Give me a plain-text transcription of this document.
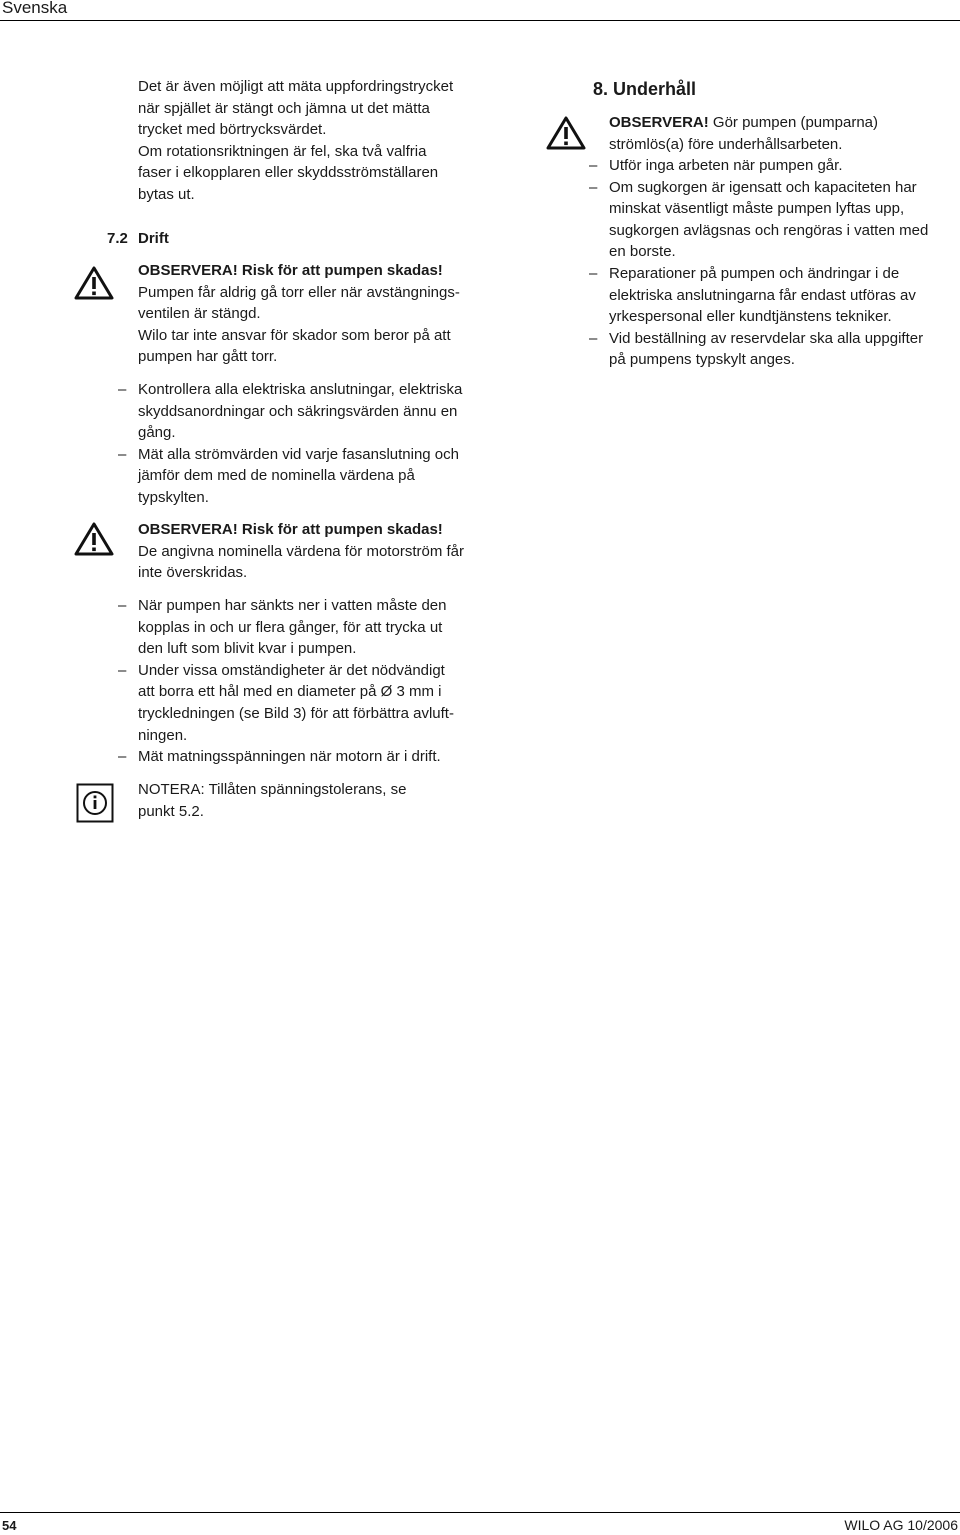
Svenska

Det är även möjligt att mäta uppfordringstrycket

när spjället är stängt och jämna ut det mätta

trycket med börtrycksvärdet.

Om rotationsriktningen är fel, ska två valfria

faser i elkopplaren eller skyddsströmställaren

bytas ut.

7.2 Drift

OBSERVERA! Risk för att pumpen skadas!

Pumpen får aldrig gå torr eller när avstängnings-

ventilen är stängd.

Wilo tar inte ansvar för skador som beror på att

pumpen har gått torr.

– Kontrollera alla elektriska anslutningar, elektriska
skyddsanordningar och säkringsvärden ännu en
gång.
– Mät alla strömvärden vid varje fasanslutning och
jämför dem med de nominella värdena på
typskylten.

OBSERVERA! Risk för att pumpen skadas!

De angivna nominella värdena för motorström får

inte överskridas.

– När pumpen har sänkts ner i vatten måste den
kopplas in och ur flera gånger, för att trycka ut
den luft som blivit kvar i pumpen.
– Under vissa omständigheter är det nödvändigt
att borra ett hål med en diameter på Ø 3 mm i
tryckledningen (se Bild 3) för att förbättra avluft-
ningen.
– Mät matningsspänningen när motorn är i drift.

NOTERA: Tillåten spänningstolerans, se

punkt 5.2.

8. Underhåll

OBSERVERA! Gör pumpen (pumparna)

strömlös(a) före underhållsarbeten.

– Utför inga arbeten när pumpen går.
– Om sugkorgen är igensatt och kapaciteten har
minskat väsentligt måste pumpen lyftas upp,
sugkorgen avlägsnas och rengöras i vatten med
en borste.
– Reparationer på pumpen och ändringar i de
elektriska anslutningarna får endast utföras av
yrkespersonal eller kundtjänstens tekniker.
– Vid beställning av reservdelar ska alla uppgifter
på pumpens typskylt anges.
54	WILO AG 10/2006
